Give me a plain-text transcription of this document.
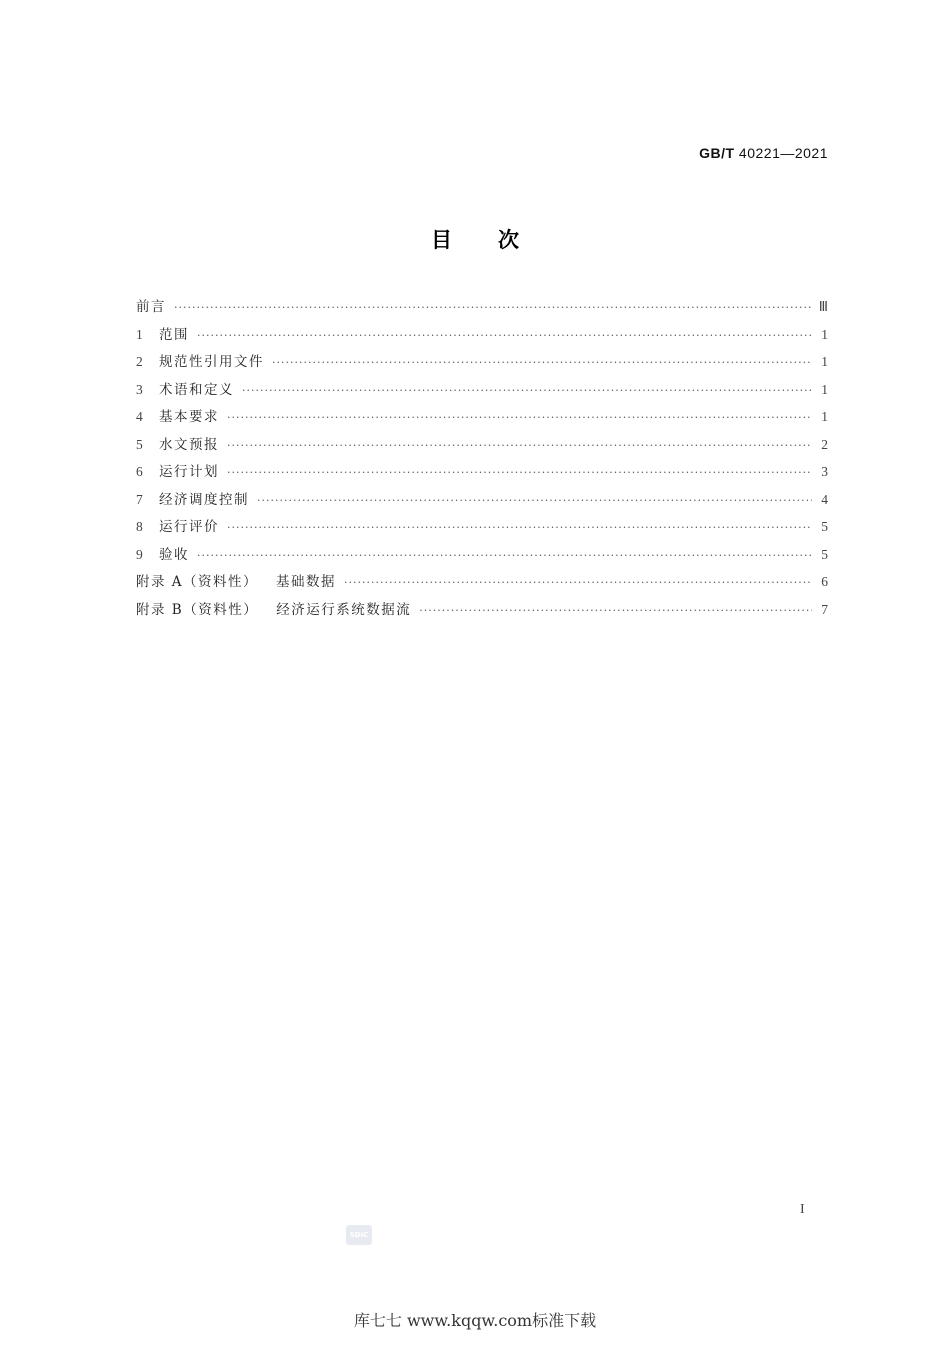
GB/T 40221—2021
目 次
前言 ·····	Ⅲ
1	范围 ·····	1
2	规范性引用文件 ·····	1
3	术语和定义 ·····	1
4	基本要求 ·····	1
5	水文预报 ·····	2
6	运行计划 ·····	3
7	经济调度控制 ·····	4
8	运行评价 ·····	5
9	验收 ·····	5
附录 A（资料性） 基础数据 ·····	6
附录 B（资料性） 经济运行系统数据流 ·····	7
I
SDIC
库七七 www.kqqw.com标准下载
